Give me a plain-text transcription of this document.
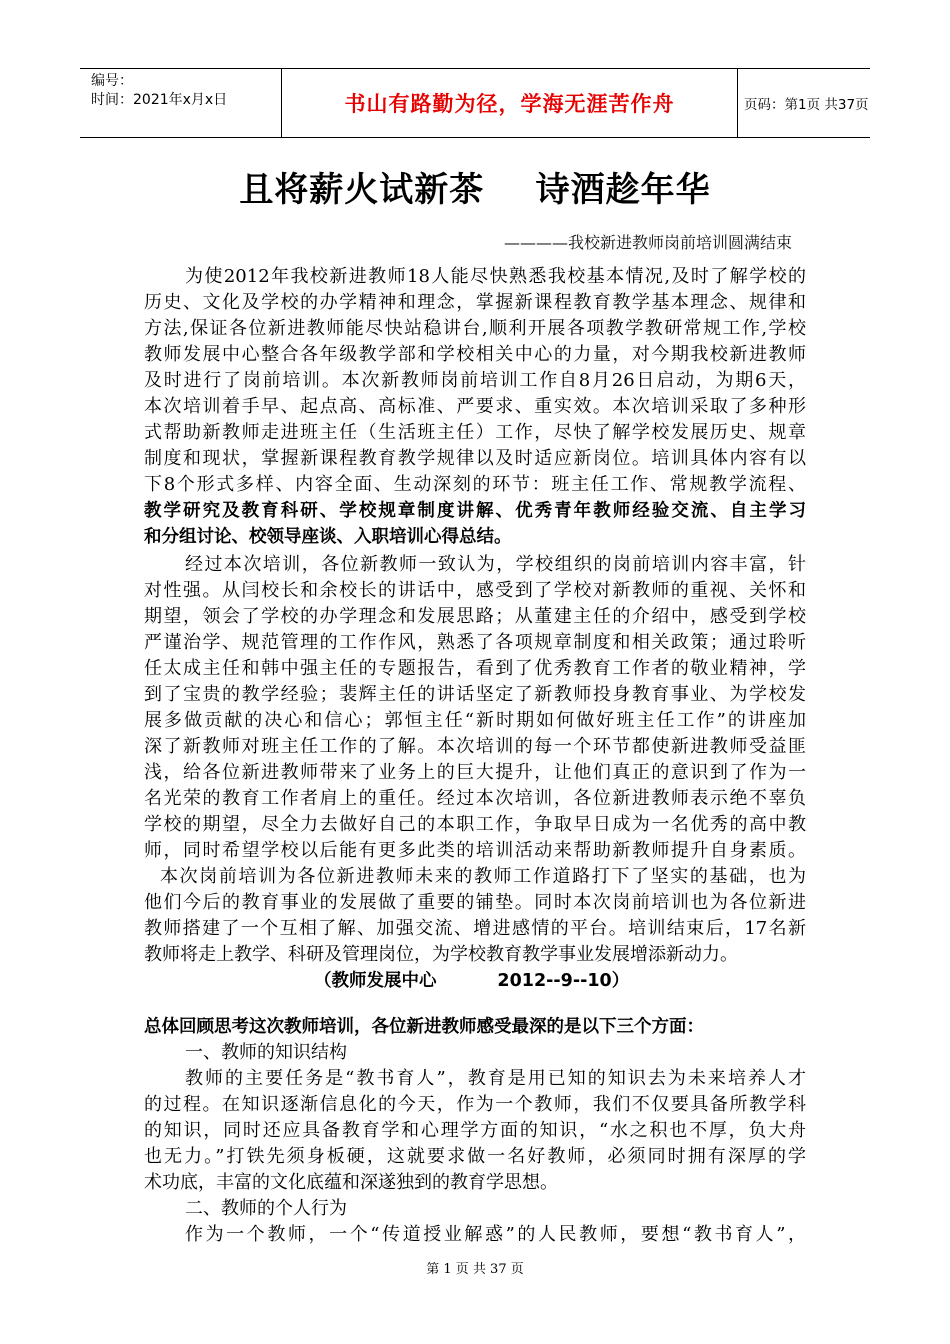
编号：
时间：2021年x月x日	书山有路勤为径，学海无涯苦作舟	页码：第1页 共37页
且将薪火试新茶    诗酒趁年华
————我校新进教师岗前培训圆满结束
为使2012年我校新进教师18人能尽快熟悉我校基本情况,及时了解学校的
历史、文化及学校的办学精神和理念，掌握新课程教育教学基本理念、规律和
方法,保证各位新进教师能尽快站稳讲台,顺利开展各项教学教研常规工作,学校
教师发展中心整合各年级教学部和学校相关中心的力量，对今期我校新进教师
及时进行了岗前培训。本次新教师岗前培训工作自8月26日启动，为期6天，
本次培训着手早、起点高、高标准、严要求、重实效。本次培训采取了多种形
式帮助新教师走进班主任（生活班主任）工作，尽快了解学校发展历史、规章
制度和现状，掌握新课程教育教学规律以及时适应新岗位。培训具体内容有以
下8个形式多样、内容全面、生动深刻的环节：班主任工作、常规教学流程、
教学研究及教育科研、学校规章制度讲解、优秀青年教师经验交流、自主学习
和分组讨论、校领导座谈、入职培训心得总结。
经过本次培训，各位新教师一致认为，学校组织的岗前培训内容丰富，针
对性强。从闫校长和余校长的讲话中，感受到了学校对新教师的重视、关怀和
期望，领会了学校的办学理念和发展思路；从董建主任的介绍中，感受到学校
严谨治学、规范管理的工作作风，熟悉了各项规章制度和相关政策；通过聆听
任太成主任和韩中强主任的专题报告，看到了优秀教育工作者的敬业精神，学
到了宝贵的教学经验；裴辉主任的讲话坚定了新教师投身教育事业、为学校发
展多做贡献的决心和信心；郭恒主任“新时期如何做好班主任工作”的讲座加
深了新教师对班主任工作的了解。本次培训的每一个环节都使新进教师受益匪
浅，给各位新进教师带来了业务上的巨大提升，让他们真正的意识到了作为一
名光荣的教育工作者肩上的重任。经过本次培训，各位新进教师表示绝不辜负
学校的期望，尽全力去做好自己的本职工作，争取早日成为一名优秀的高中教
师，同时希望学校以后能有更多此类的培训活动来帮助新教师提升自身素质。
本次岗前培训为各位新进教师未来的教师工作道路打下了坚实的基础，也为
他们今后的教育事业的发展做了重要的铺垫。同时本次岗前培训也为各位新进
教师搭建了一个互相了解、加强交流、增进感情的平台。培训结束后，17名新
教师将走上教学、科研及管理岗位，为学校教育教学事业发展增添新动力。
（教师发展中心          2012--9--10）
总体回顾思考这次教师培训，各位新进教师感受最深的是以下三个方面：
一、教师的知识结构
教师的主要任务是“教书育人”，教育是用已知的知识去为未来培养人才
的过程。在知识逐渐信息化的今天，作为一个教师，我们不仅要具备所教学科
的知识，同时还应具备教育学和心理学方面的知识，“水之积也不厚，负大舟
也无力。”打铁先须身板硬，这就要求做一名好教师，必须同时拥有深厚的学
术功底，丰富的文化底蕴和深遂独到的教育学思想。
二、教师的个人行为
作为一个教师，一个“传道授业解惑”的人民教师，要想“教书育人”，
第 1 页 共 37 页
